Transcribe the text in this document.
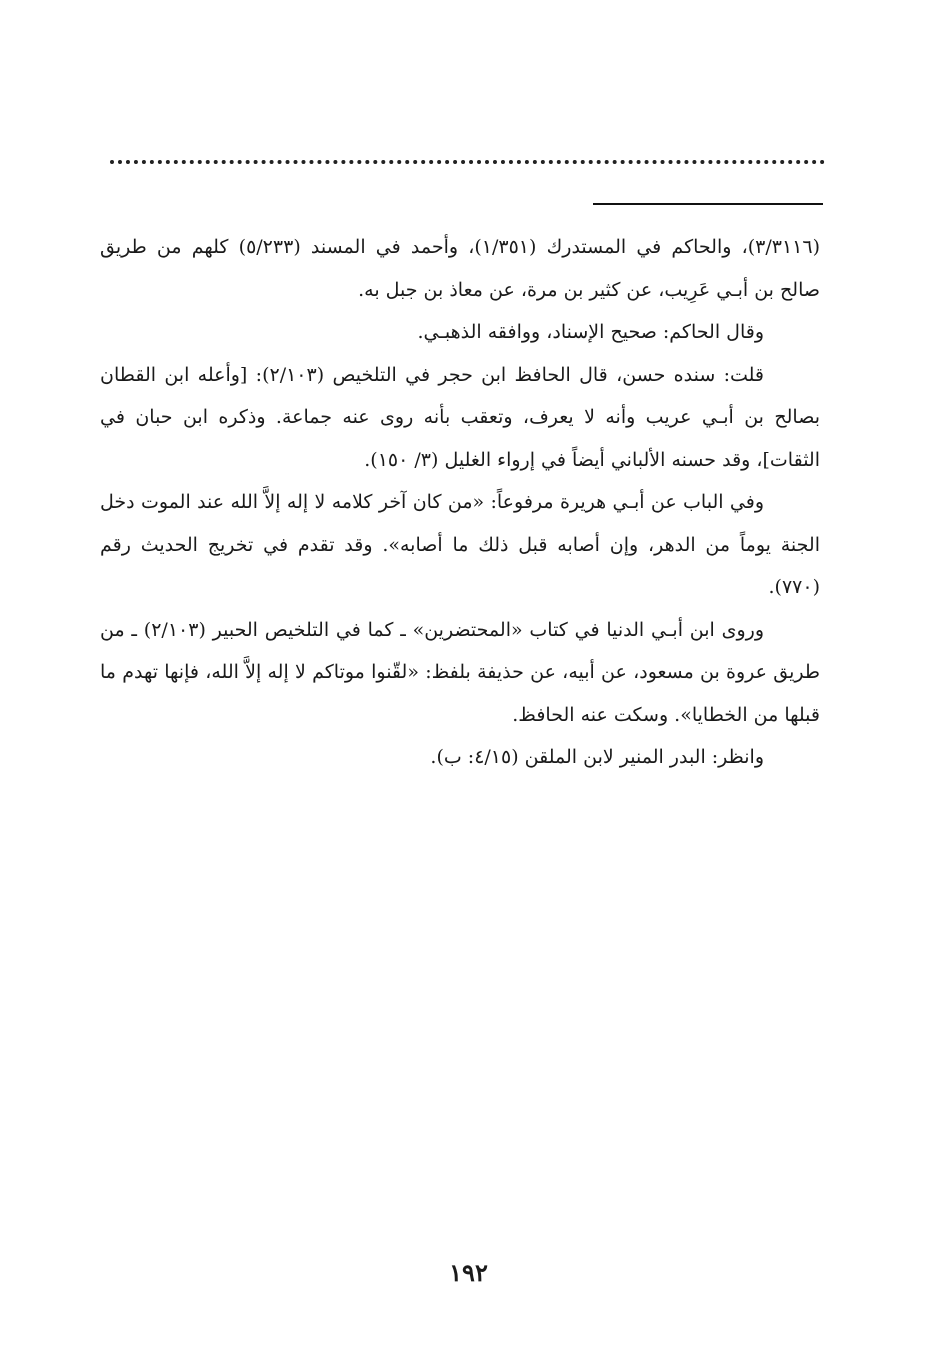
(٣/٣١١٦)، والحاكم في المستدرك (١/٣٥١)، وأحمد في المسند (٥/٢٣٣) كلهم من طريق صالح بن أبـي عَرِيب، عن كثير بن مرة، عن معاذ بن جبل به.

وقال الحاكم: صحيح الإسناد، ووافقه الذهبـي.

قلت: سنده حسن، قال الحافظ ابن حجر في التلخيص (٢/١٠٣): [وأعله ابن القطان بصالح بن أبـي عريب وأنه لا يعرف، وتعقب بأنه روى عنه جماعة. وذكره ابن حبان في الثقات]، وقد حسنه الألباني أيضاً في إرواء الغليل (٣/ ١٥٠).

وفي الباب عن أبـي هريرة مرفوعاً: «من كان آخر كلامه لا إله إلاَّ الله عند الموت دخل الجنة يوماً من الدهر، وإن أصابه قبل ذلك ما أصابه». وقد تقدم في تخريج الحديث رقم (٧٧٠).

وروى ابن أبـي الدنيا في كتاب «المحتضرين» ـ كما في التلخيص الحبير (٢/١٠٣) ـ من طريق عروة بن مسعود، عن أبيه، عن حذيفة بلفظ: «لقّنوا موتاكم لا إله إلاَّ الله، فإنها تهدم ما قبلها من الخطايا». وسكت عنه الحافظ.

وانظر: البدر المنير لابن الملقن (٤/١٥: ب).

١٩٢
